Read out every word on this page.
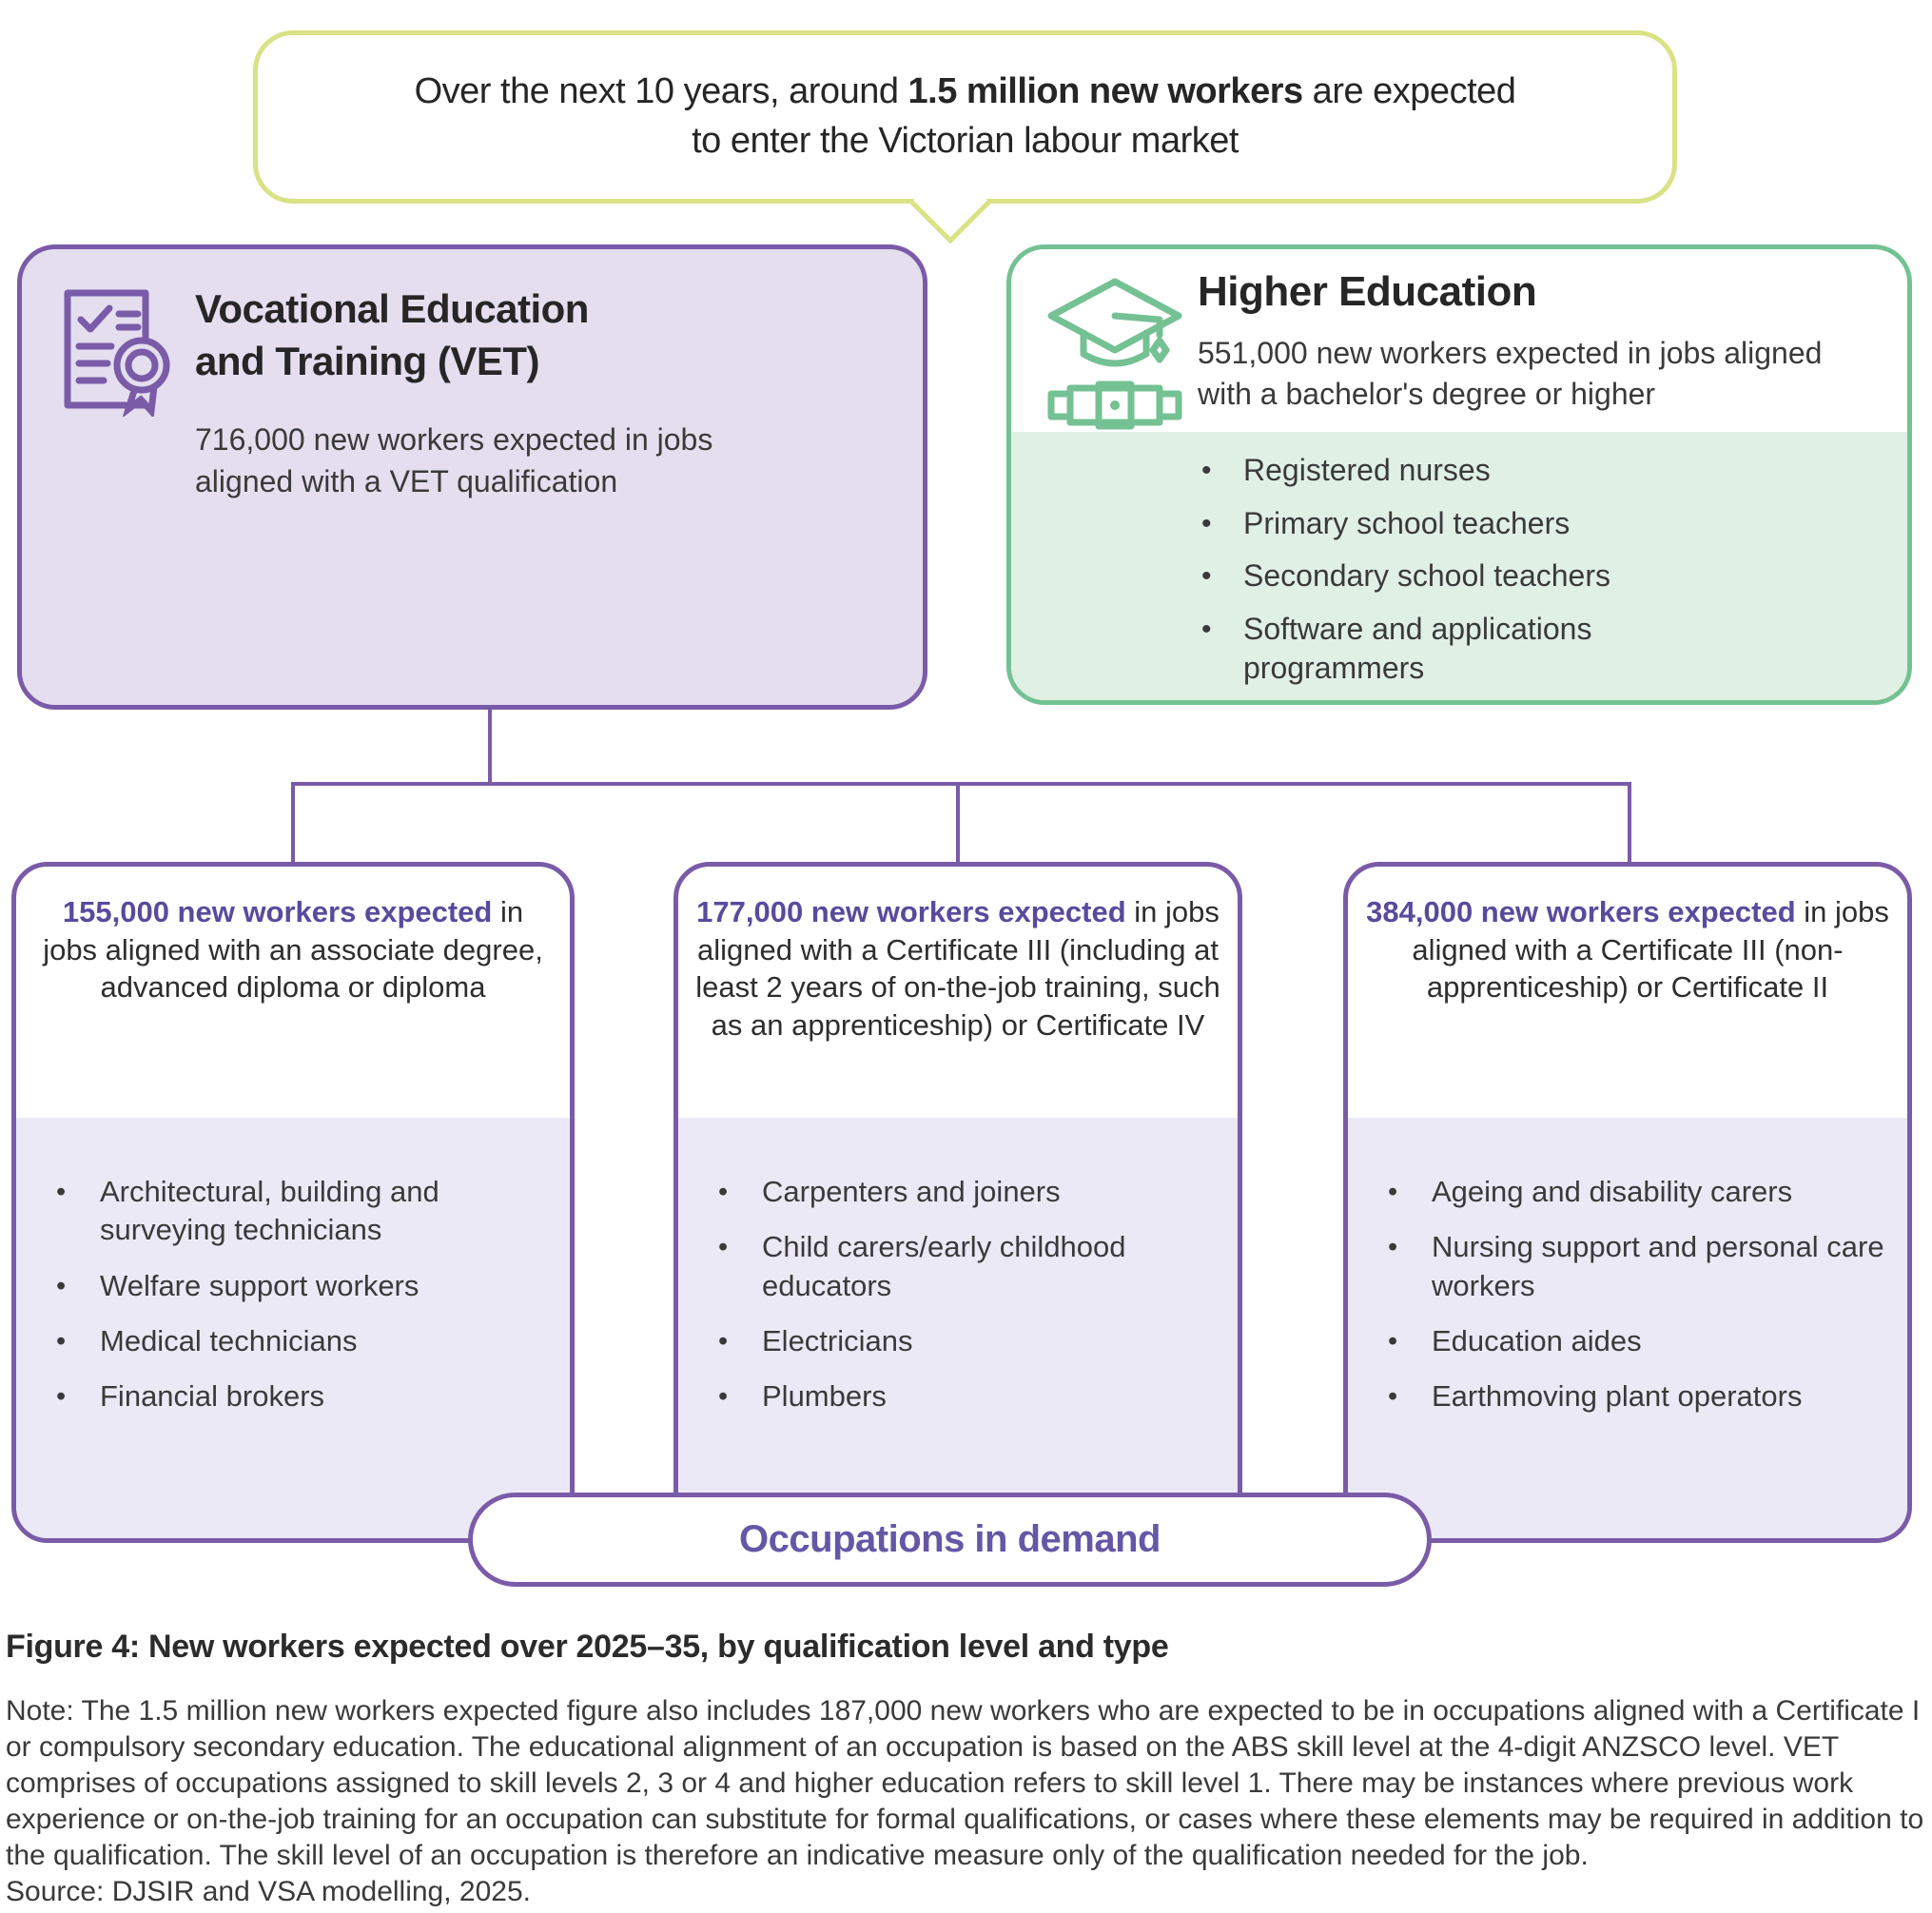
Over the next 10 years, around 1.5 million new workers are expected
to enter the Victorian labour market
Vocational Education
and Training (VET)
716,000 new workers expected in jobs aligned with a VET qualification
Higher Education
551,000 new workers expected in jobs aligned with a bachelor's degree or higher
•	Registered nurses
•	Primary school teachers
•	Secondary school teachers
•	Software and applications programmers
155,000 new workers expected in jobs aligned with an associate degree, advanced diploma or diploma
•	Architectural, building and surveying technicians
•	Welfare support workers
•	Medical technicians
•	Financial brokers
177,000 new workers expected in jobs aligned with a Certificate III (including at least 2 years of on-the-job training, such as an apprenticeship) or Certificate IV
•	Carpenters and joiners
•	Child carers/early childhood educators
•	Electricians
•	Plumbers
384,000 new workers expected in jobs aligned with a Certificate III (non-apprenticeship) or Certificate II
•	Ageing and disability carers
•	Nursing support and personal care workers
•	Education aides
•	Earthmoving plant operators
Occupations in demand
Figure 4: New workers expected over 2025–35, by qualification level and type
Note: The 1.5 million new workers expected figure also includes 187,000 new workers who are expected to be in occupations aligned with a Certificate I or compulsory secondary education. The educational alignment of an occupation is based on the ABS skill level at the 4-digit ANZSCO level. VET comprises of occupations assigned to skill levels 2, 3 or 4 and higher education refers to skill level 1. There may be instances where previous work experience or on-the-job training for an occupation can substitute for formal qualifications, or cases where these elements may be required in addition to the qualification. The skill level of an occupation is therefore an indicative measure only of the qualification needed for the job.
Source: DJSIR and VSA modelling, 2025.
